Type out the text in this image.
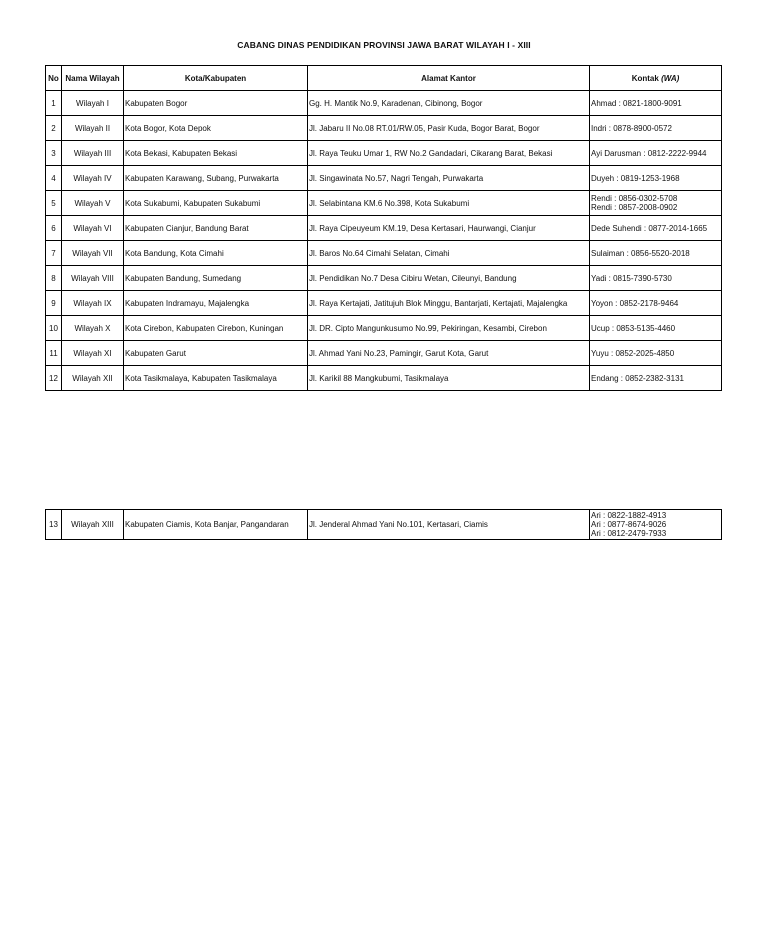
CABANG DINAS PENDIDIKAN PROVINSI JAWA BARAT WILAYAH I - XIII
No	Nama Wilayah	Kota/Kabupaten	Alamat Kantor	Kontak (WA)
1	Wilayah I	Kabupaten Bogor	Gg. H. Mantik No.9, Karadenan, Cibinong, Bogor	Ahmad : 0821-1800-9091
2	Wilayah II	Kota Bogor, Kota Depok	Jl. Jabaru II No.08 RT.01/RW.05, Pasir Kuda, Bogor Barat, Bogor	Indri : 0878-8900-0572
3	Wilayah III	Kota Bekasi, Kabupaten Bekasi	Jl. Raya Teuku Umar 1, RW No.2 Gandadari, Cikarang Barat, Bekasi	Ayi Darusman : 0812-2222-9944
4	Wilayah IV	Kabupaten Karawang, Subang, Purwakarta	Jl. Singawinata No.57, Nagri Tengah, Purwakarta	Duyeh : 0819-1253-1968
5	Wilayah V	Kota Sukabumi, Kabupaten Sukabumi	Jl. Selabintana KM.6 No.398, Kota Sukabumi	Rendi : 0856-0302-5708
Rendi : 0857-2008-0902
6	Wilayah VI	Kabupaten Cianjur, Bandung Barat	Jl. Raya Cipeuyeum KM.19, Desa Kertasari, Haurwangi, Cianjur	Dede Suhendi : 0877-2014-1665
7	Wilayah VII	Kota Bandung, Kota Cimahi	Jl. Baros No.64 Cimahi Selatan, Cimahi	Sulaiman : 0856-5520-2018
8	Wilayah VIII	Kabupaten Bandung, Sumedang	Jl. Pendidikan No.7 Desa Cibiru Wetan, Cileunyi, Bandung	Yadi : 0815-7390-5730
9	Wilayah IX	Kabupaten Indramayu, Majalengka	Jl. Raya Kertajati, Jatitujuh Blok Minggu, Bantarjati, Kertajati, Majalengka	Yoyon : 0852-2178-9464
10	Wilayah X	Kota Cirebon, Kabupaten Cirebon, Kuningan	Jl. DR. Cipto Mangunkusumo No.99, Pekiringan, Kesambi, Cirebon	Ucup : 0853-5135-4460
11	Wilayah XI	Kabupaten Garut	Jl. Ahmad Yani No.23, Pamingir, Garut Kota, Garut	Yuyu : 0852-2025-4850
12	Wilayah XII	Kota Tasikmalaya, Kabupaten Tasikmalaya	Jl. Karikil 88 Mangkubumi, Tasikmalaya	Endang : 0852-2382-3131
13	Wilayah XIII	Kabupaten Ciamis, Kota Banjar, Pangandaran	Jl. Jenderal Ahmad Yani No.101, Kertasari, Ciamis	Ari : 0822-1882-4913
Ari : 0877-8674-9026
Ari : 0812-2479-7933
